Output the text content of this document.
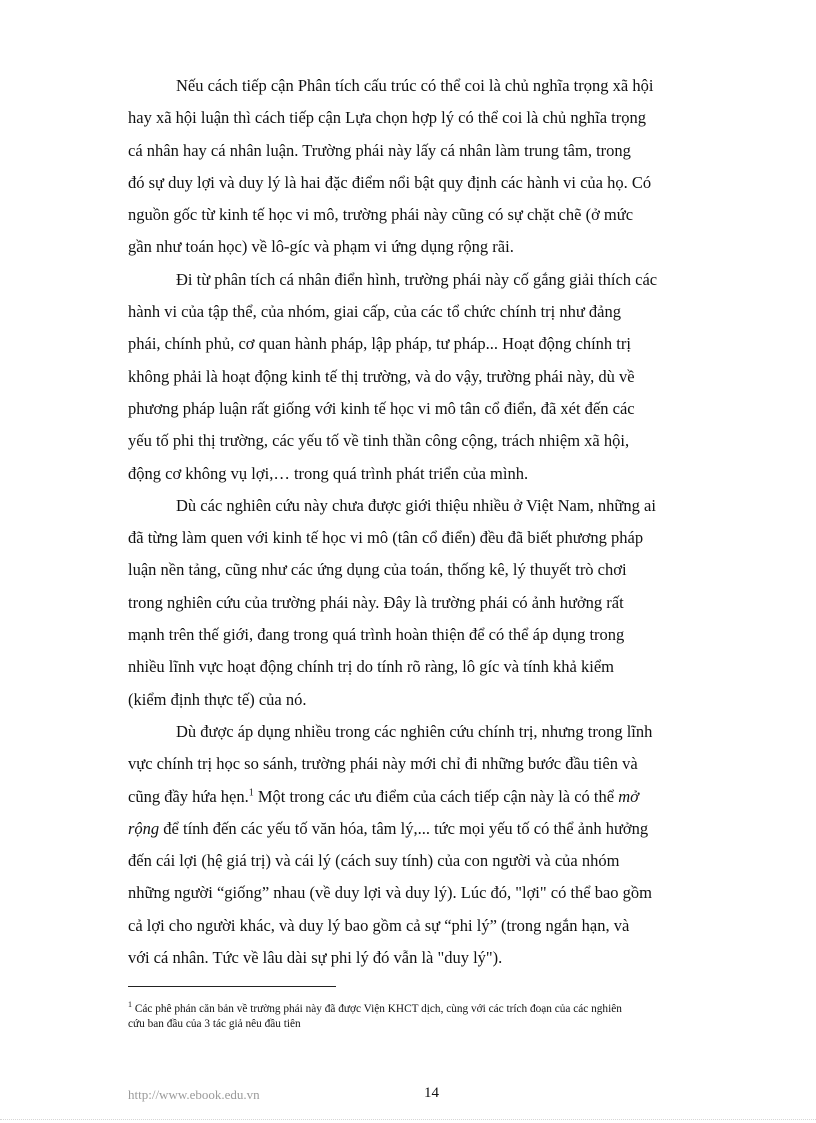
Nếu cách tiếp cận Phân tích cấu trúc có thể coi là chủ nghĩa trọng xã hội
hay xã hội luận thì cách tiếp cận Lựa chọn hợp lý có thể coi là chủ nghĩa trọng
cá nhân hay cá nhân luận. Trường phái này lấy cá nhân làm trung tâm, trong
đó sự duy lợi và duy lý là hai đặc điểm nổi bật quy định các hành vi của họ. Có
nguồn gốc từ kinh tế học vi mô, trường phái này cũng có sự chặt chẽ (ở mức
gần như toán học) về lô-gíc và phạm vi ứng dụng rộng rãi.

Đi từ phân tích cá nhân điển hình, trường phái này cố gắng giải thích các
hành vi của tập thể, của nhóm, giai cấp, của các tổ chức chính trị như đảng
phái, chính phủ, cơ quan hành pháp, lập pháp, tư pháp... Hoạt động chính trị
không phải là hoạt động kinh tế thị trường, và do vậy, trường phái này, dù về
phương pháp luận rất giống với kinh tế học vi mô tân cổ điển, đã xét đến các
yếu tố phi thị trường, các yếu tố về tinh thần công cộng, trách nhiệm xã hội,
động cơ không vụ lợi,… trong quá trình phát triển của mình.

Dù các nghiên cứu này chưa được giới thiệu nhiều ở Việt Nam, những ai
đã từng làm quen với kinh tế học vi mô (tân cổ điển) đều đã biết phương pháp
luận nền tảng, cũng như các ứng dụng của toán, thống kê, lý thuyết trò chơi
trong nghiên cứu của trường phái này. Đây là trường phái có ảnh hưởng rất
mạnh trên thế giới, đang trong quá trình hoàn thiện để có thể áp dụng trong
nhiều lĩnh vực hoạt động chính trị do tính rõ ràng, lô gíc và tính khả kiểm
(kiểm định thực tế) của nó.

Dù được áp dụng nhiều trong các nghiên cứu chính trị, nhưng trong lĩnh
vực chính trị học so sánh, trường phái này mới chỉ đi những bước đầu tiên và
cũng đầy hứa hẹn.$^1$ Một trong các ưu điểm của cách tiếp cận này là có thể mở
rộng để tính đến các yếu tố văn hóa, tâm lý,... tức mọi yếu tố có thể ảnh hưởng
đến cái lợi (hệ giá trị) và cái lý (cách suy tính) của con người và của nhóm
những người “giống” nhau (về duy lợi và duy lý). Lúc đó, "lợi" có thể bao gồm
cả lợi cho người khác, và duy lý bao gồm cả sự “phi lý” (trong ngắn hạn, và
với cá nhân. Tức về lâu dài sự phi lý đó vẫn là "duy lý").

$^1$ Các phê phán căn bản về trường phái này đã được Viện KHCT dịch, cùng với các trích đoạn của các nghiên
cứu ban đầu của 3 tác giả nêu đầu tiên
http://www.ebook.edu.vn	14
